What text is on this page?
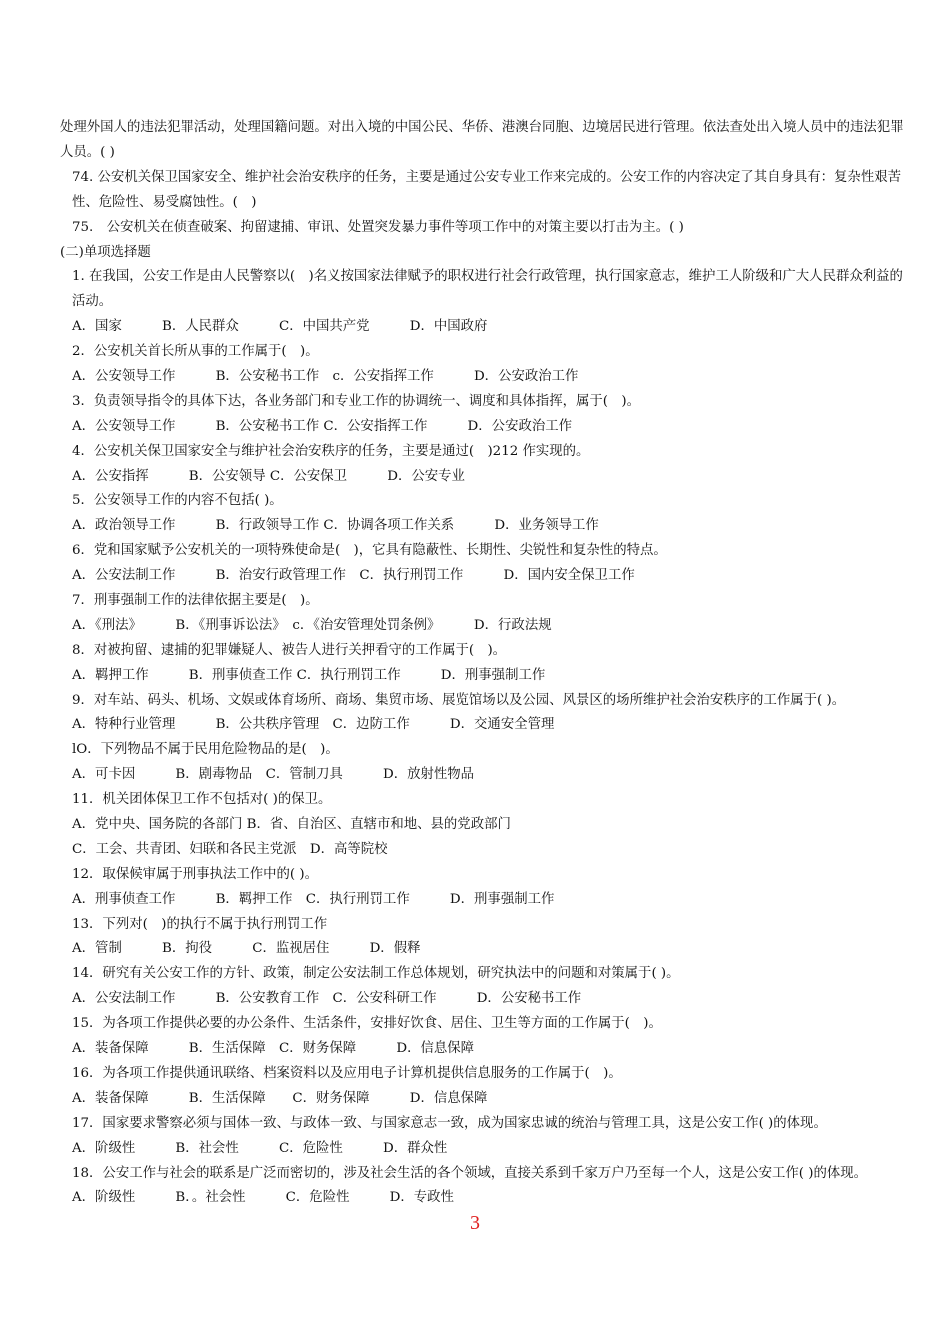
处理外国人的违法犯罪活动，处理国籍问题。对出入境的中国公民、华侨、港澳台同胞、边境居民进行管理。依法查处出入境人员中的违法犯罪人员。( )

74. 公安机关保卫国家安全、维护社会治安秩序的任务，主要是通过公安专业工作来完成的。公安工作的内容决定了其自身具有：复杂性艰苦性、危险性、易受腐蚀性。(　)

75.　公安机关在侦查破案、拘留逮捕、审讯、处置突发暴力事件等项工作中的对策主要以打击为主。( )

(二)单项选择题

1. 在我国，公安工作是由人民警察以(　)名义按国家法律赋予的职权进行社会行政管理，执行国家意志，维护工人阶级和广大人民群众利益的活动。

A．国家　　　B．人民群众　　　C．中国共产党　　　D．中国政府

2．公安机关首长所从事的工作属于(　)。

A．公安领导工作　　　B．公安秘书工作　c．公安指挥工作　　　D．公安政治工作

3．负责领导指令的具体下达，各业务部门和专业工作的协调统一、调度和具体指挥，属于(　)。

A．公安领导工作　　　B．公安秘书工作 C．公安指挥工作　　　D．公安政治工作

4．公安机关保卫国家安全与维护社会治安秩序的任务，主要是通过(　)212 作实现的。

A．公安指挥　　　B．公安领导 C．公安保卫　　　D．公安专业

5．公安领导工作的内容不包括( )。

A．政治领导工作　　　B．行政领导工作 C．协调各项工作关系　　　D．业务领导工作

6．党和国家赋予公安机关的一项特殊使命是(　)，它具有隐蔽性、长期性、尖锐性和复杂性的特点。

A．公安法制工作　　　B．治安行政管理工作　C．执行刑罚工作　　　D．国内安全保卫工作

7．刑事强制工作的法律依据主要是(　)。

A．《刑法》　　　B．《刑事诉讼法》　c．《治安管理处罚条例》　　　D．行政法规

8．对被拘留、逮捕的犯罪嫌疑人、被告人进行关押看守的工作属于(　)。

A．羁押工作　　　B．刑事侦查工作 C．执行刑罚工作　　　D．刑事强制工作

9．对车站、码头、机场、文娱或体育场所、商场、集贸市场、展览馆场以及公园、风景区的场所维护社会治安秩序的工作属于( )。

A．特种行业管理　　　B．公共秩序管理　C．边防工作　　　D．交通安全管理

lO．下列物品不属于民用危险物品的是(　)。

A．可卡因　　　B．剧毒物品　C．管制刀具　　　D．放射性物品

11．机关团体保卫工作不包括对( )的保卫。

A．党中央、国务院的各部门 B．省、自治区、直辖市和地、县的党政部门

C．工会、共青团、妇联和各民主党派　D．高等院校

12．取保候审属于刑事执法工作中的( )。

A．刑事侦查工作　　　B．羁押工作　C．执行刑罚工作　　　D．刑事强制工作

13．下列对(　)的执行不属于执行刑罚工作

A．管制　　　B．拘役　　　C．监视居住　　　D．假释

14．研究有关公安工作的方针、政策，制定公安法制工作总体规划，研究执法中的问题和对策属于( )。

A．公安法制工作　　　B．公安教育工作　C．公安科研工作　　　D．公安秘书工作

15．为各项工作提供必要的办公条件、生活条件，安排好饮食、居住、卫生等方面的工作属于(　)。

A．装备保障　　　B．生活保障　C．财务保障　　　D．信息保障

16．为各项工作提供通讯联络、档案资料以及应用电子计算机提供信息服务的工作属于(　)。

A．装备保障　　　B．生活保障　　C．财务保障　　　D．信息保障

17．国家要求警察必须与国体一致、与政体一致、与国家意志一致，成为国家忠诚的统治与管理工具，这是公安工作( )的体现。

A．阶级性　　　B．社会性　　　C．危险性　　　D．群众性

18．公安工作与社会的联系是广泛而密切的，涉及社会生活的各个领域，直接关系到千家万户乃至每一个人，这是公安工作( )的体现。

A．阶级性　　　B．。社会性　　　C．危险性　　　D．专政性

3
